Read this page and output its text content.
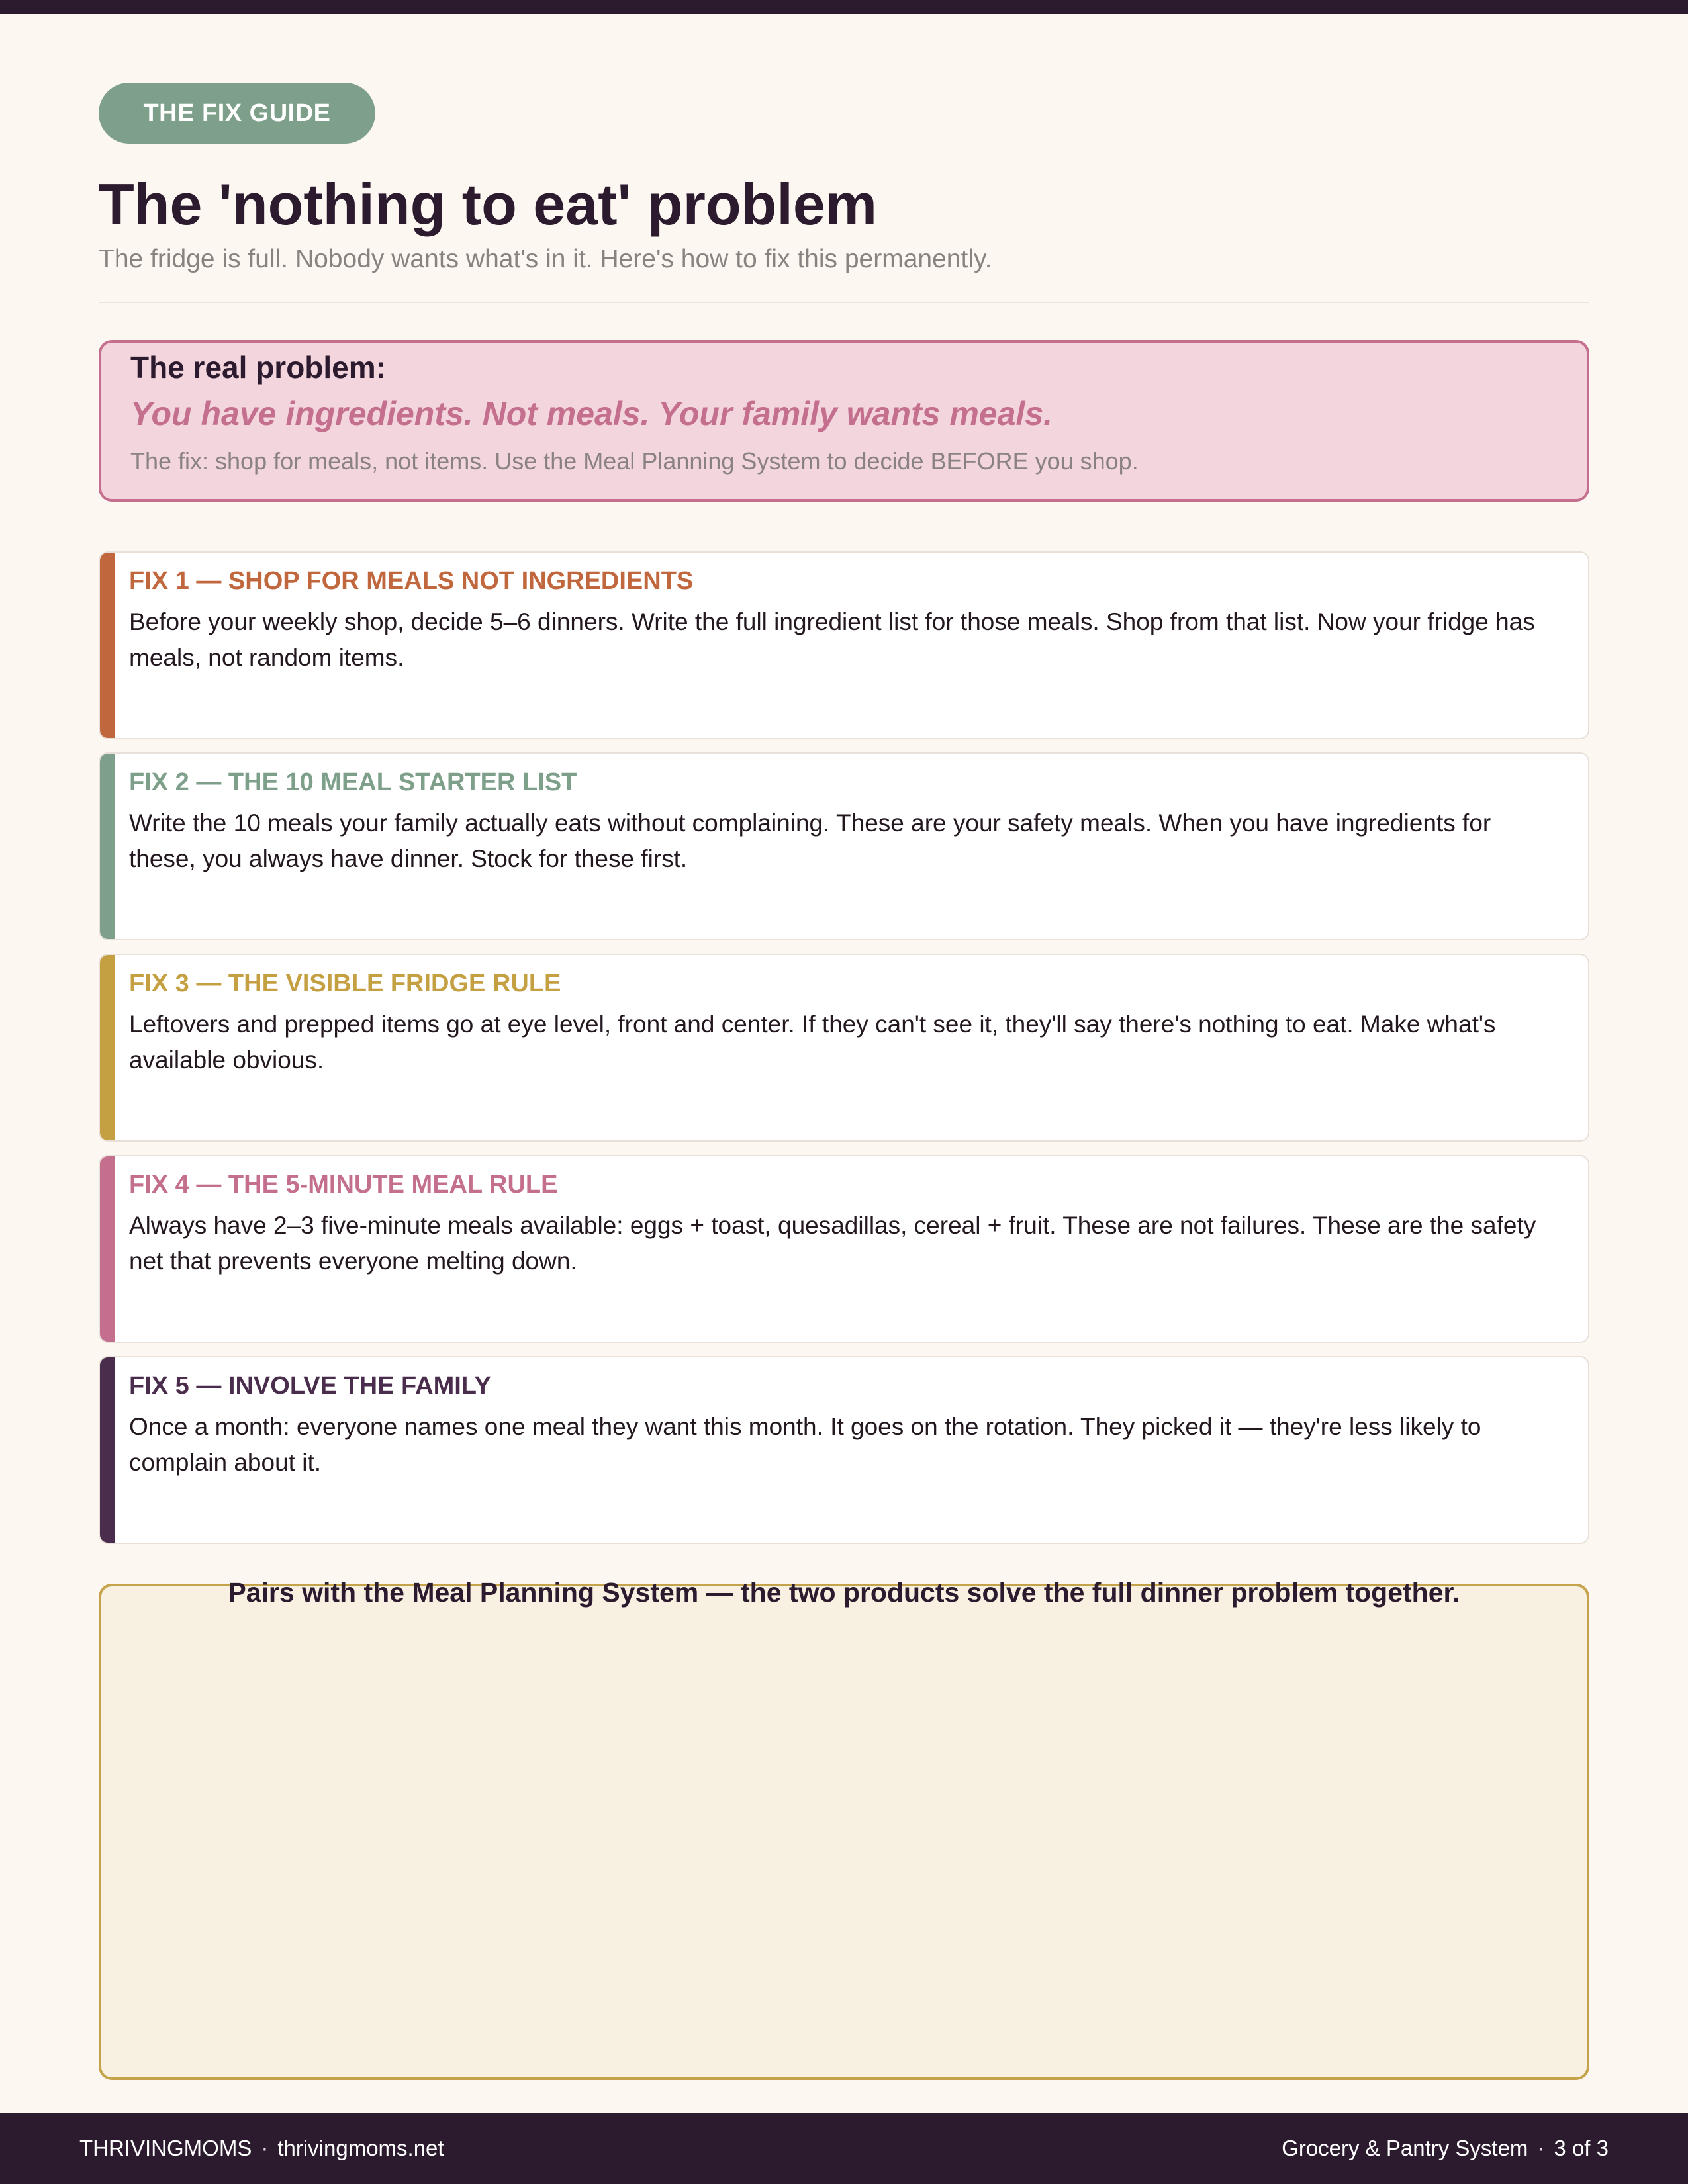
THE FIX GUIDE
The 'nothing to eat' problem
The fridge is full. Nobody wants what's in it. Here's how to fix this permanently.
The real problem:
You have ingredients. Not meals. Your family wants meals.
The fix: shop for meals, not items. Use the Meal Planning System to decide BEFORE you shop.
FIX 1 — SHOP FOR MEALS NOT INGREDIENTS
Before your weekly shop, decide 5–6 dinners. Write the full ingredient list for those meals. Shop from that list. Now your fridge has meals, not random items.
FIX 2 — THE 10 MEAL STARTER LIST
Write the 10 meals your family actually eats without complaining. These are your safety meals. When you have ingredients for these, you always have dinner. Stock for these first.
FIX 3 — THE VISIBLE FRIDGE RULE
Leftovers and prepped items go at eye level, front and center. If they can't see it, they'll say there's nothing to eat. Make what's available obvious.
FIX 4 — THE 5-MINUTE MEAL RULE
Always have 2–3 five-minute meals available: eggs + toast, quesadillas, cereal + fruit. These are not failures. These are the safety net that prevents everyone melting down.
FIX 5 — INVOLVE THE FAMILY
Once a month: everyone names one meal they want this month. It goes on the rotation. They picked it — they're less likely to complain about it.
Pairs with the Meal Planning System — the two products solve the full dinner problem together.
THRIVINGMOMS · thrivingmoms.net	Grocery & Pantry System · 3 of 3
